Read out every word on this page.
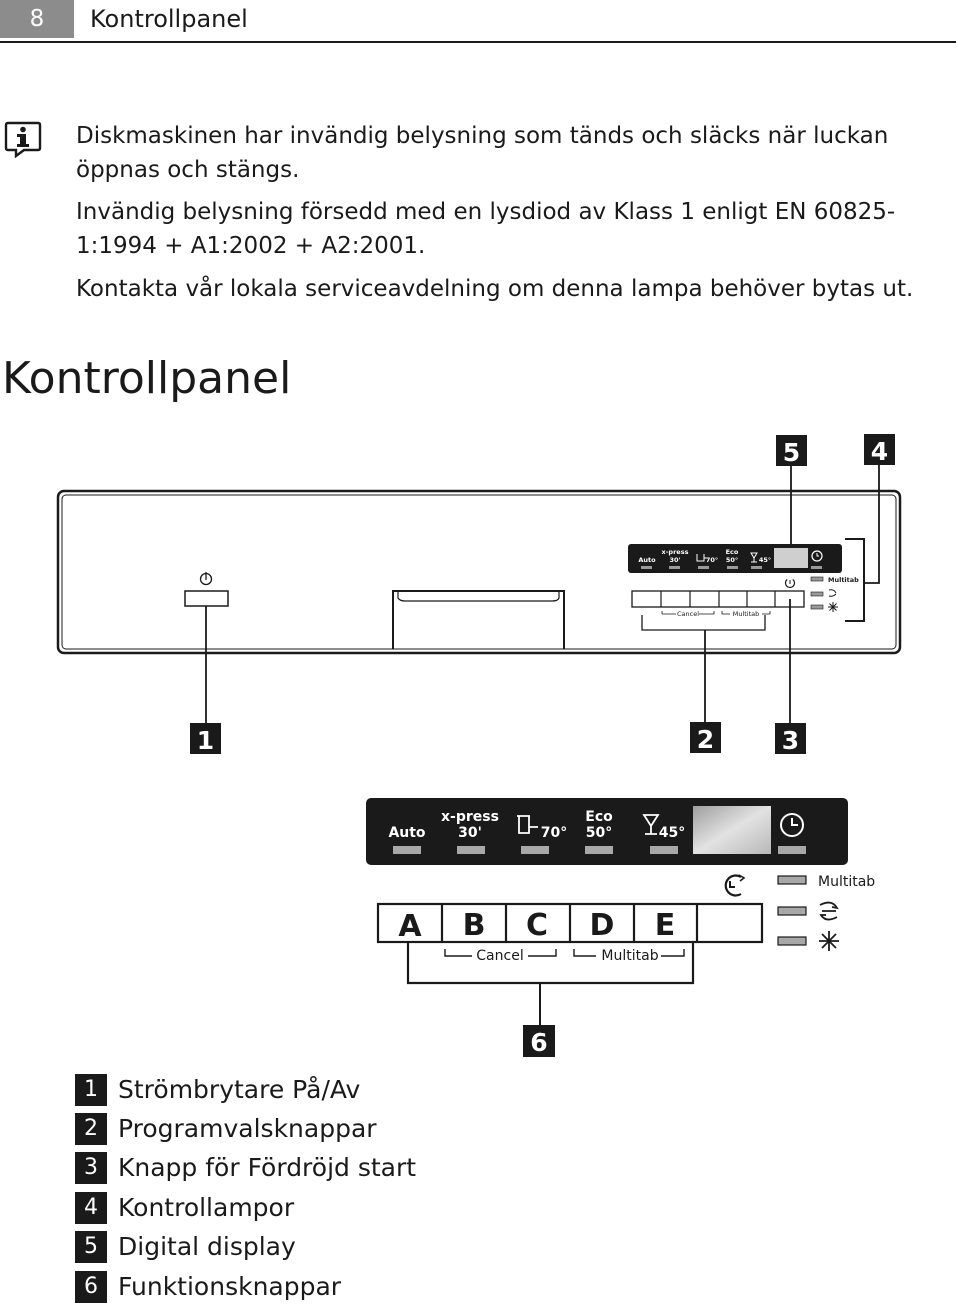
8	Kontrollpanel

Diskmaskinen har invändig belysning som tänds och släcks när luckan öppnas och stängs.

Invändig belysning försedd med en lysdiod av Klass 1 enligt EN 60825-1:1994 + A1:2002 + A2:2001.

Kontakta vår lokala serviceavdelning om denna lampa behöver bytas ut.

Kontrollpanel
Auto
x-press
30'	70°
Eco
50°	45°
Cancel	Multitab
Multitab
5	4
1	2	3
Auto
x-press
30'	70°
Eco
50°	45°
Multitab
A B C D E
Cancel	Multitab
6
1 Strömbrytare På/Av
2 Programvalsknappar
3 Knapp för Fördröjd start
4 Kontrollampor
5 Digital display
6 Funktionsknappar
